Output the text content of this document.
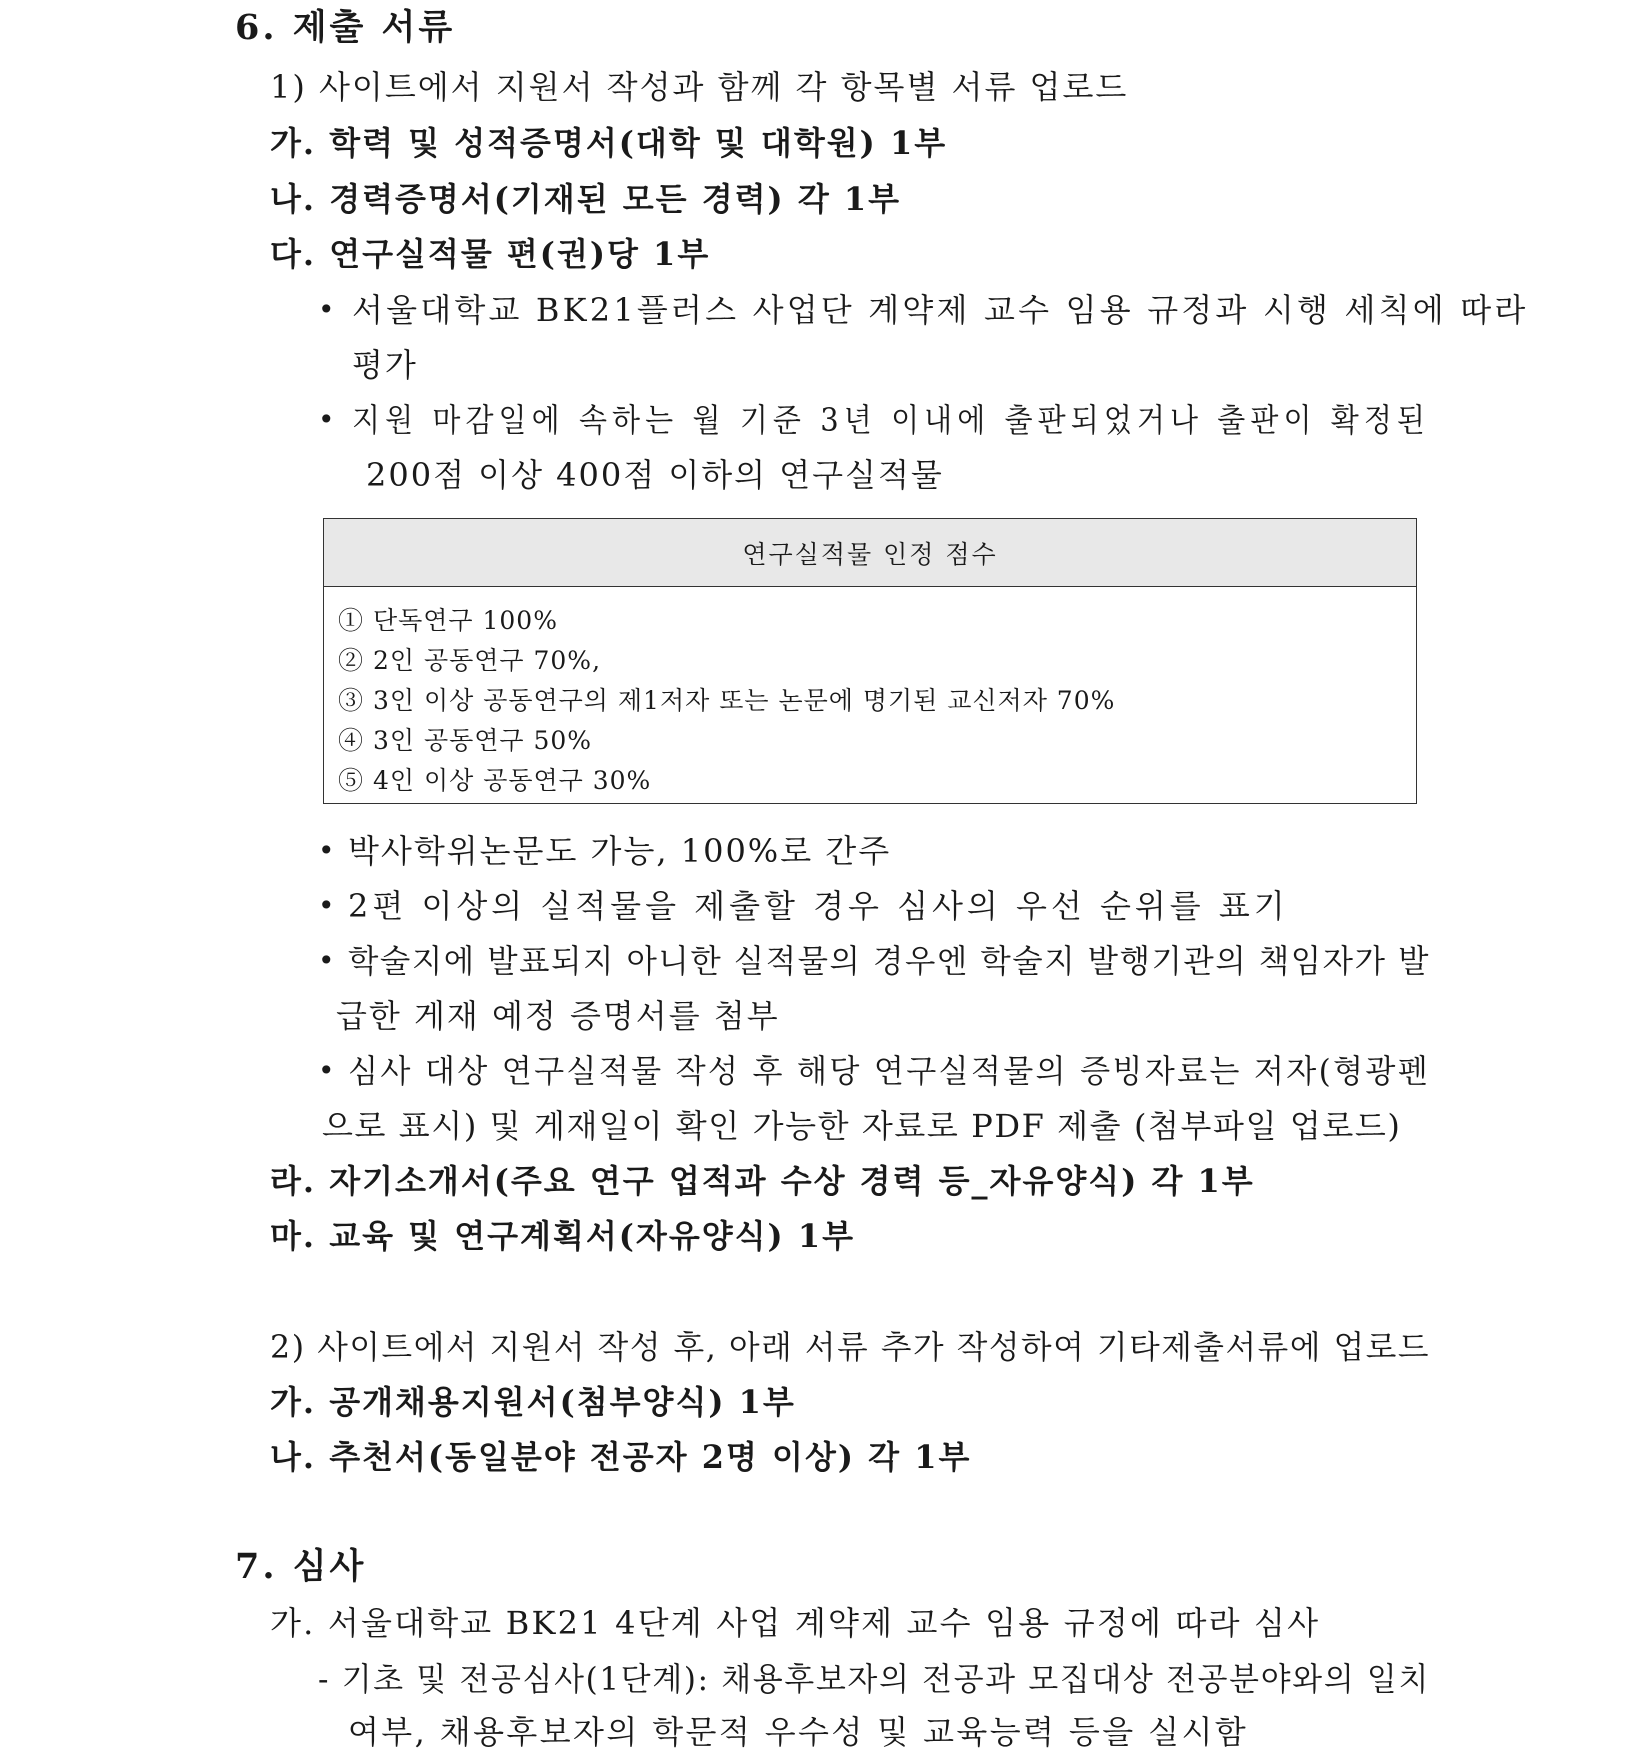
6. 제출 서류
1) 사이트에서 지원서 작성과 함께 각 항목별 서류 업로드
가. 학력 및 성적증명서(대학 및 대학원) 1부
나. 경력증명서(기재된 모든 경력) 각 1부
다. 연구실적물 편(권)당 1부
• 서울대학교 BK21플러스 사업단 계약제 교수 임용 규정과 시행 세칙에 따라
평가
• 지원 마감일에 속하는 월 기준 3년 이내에 출판되었거나 출판이 확정된
200점 이상 400점 이하의 연구실적물
연구실적물 인정 점수
① 단독연구 100%
② 2인 공동연구 70%,
③ 3인 이상 공동연구의 제1저자 또는 논문에 명기된 교신저자 70%
④ 3인 공동연구 50%
⑤ 4인 이상 공동연구 30%
• 박사학위논문도 가능, 100%로 간주
• 2편 이상의 실적물을 제출할 경우 심사의 우선 순위를 표기
• 학술지에 발표되지 아니한 실적물의 경우엔 학술지 발행기관의 책임자가 발
급한 게재 예정 증명서를 첨부
• 심사 대상 연구실적물 작성 후 해당 연구실적물의 증빙자료는 저자(형광펜
으로 표시) 및 게재일이 확인 가능한 자료로 PDF 제출 (첨부파일 업로드)
라. 자기소개서(주요 연구 업적과 수상 경력 등_자유양식) 각 1부
마. 교육 및 연구계획서(자유양식) 1부
2) 사이트에서 지원서 작성 후, 아래 서류 추가 작성하여 기타제출서류에 업로드
가. 공개채용지원서(첨부양식) 1부
나. 추천서(동일분야 전공자 2명 이상) 각 1부
7. 심사
가. 서울대학교 BK21 4단계 사업 계약제 교수 임용 규정에 따라 심사
- 기초 및 전공심사(1단계): 채용후보자의 전공과 모집대상 전공분야와의 일치
여부, 채용후보자의 학문적 우수성 및 교육능력 등을 실시함
